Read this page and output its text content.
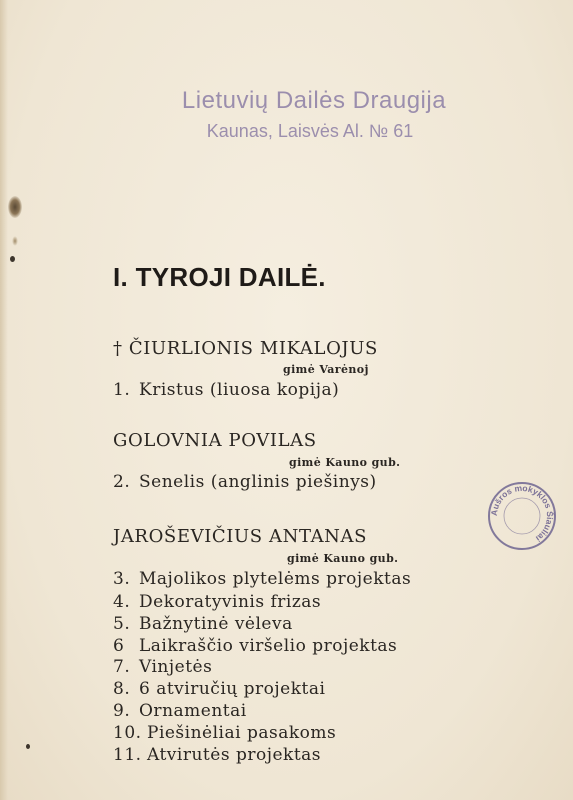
Lietuvių Dailės Draugija
Kaunas, Laisvės Al. № 61
Aušros mokyklos Šiauliai
I. TYROJI DAILĖ.
† ČIURLIONIS MIKALOJUS
gimė Varėnoj
1. Kristus (liuosa kopija)
GOLOVNIA POVILAS
gimė Kauno gub.
2. Senelis (anglinis piešinys)
JAROŠEVIČIUS ANTANAS
gimė Kauno gub.
3. Majolikos plytelėms projektas
4. Dekoratyvinis frizas
5. Bažnytinė vėleva
6 Laikraščio viršelio projektas
7. Vinjetės
8. 6 atviručių projektai
9. Ornamentai
10. Piešinėliai pasakoms
11. Atvirutės projektas
